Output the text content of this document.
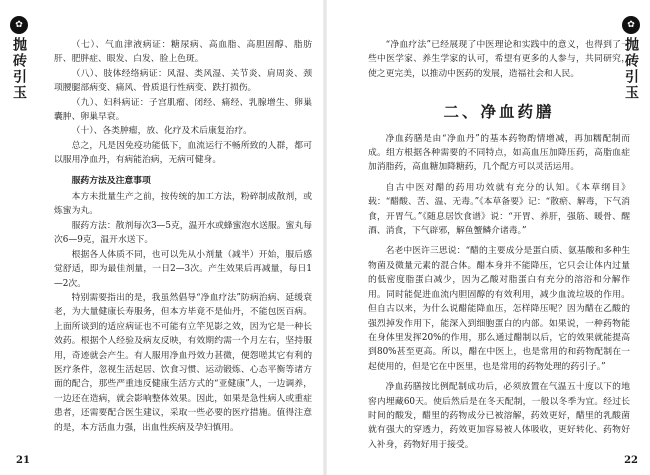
✿
抛砖引玉	（七）、气血津液病证：糖尿病、高血脂、高胆固醇、脂肪肝、肥胖症、眼发、白发、脸上色斑。

（八）、肢体经络病证：风湿、类风湿、关节炎、肩周炎、颈项腰腿部病变、痛风、骨质退行性病变、跌打损伤。

（九）、妇科病证：子宫肌瘤、闭经、痛经、乳腺增生、卵巢囊肿、卵巢早衰。

（十）、各类肿瘤，放、化疗及术后康复治疗。

总之，凡是因免疫功能低下，血流运行不畅所致的人群，都可以服用净血丹，有病能治病，无病可健身。

服药方法及注意事项

本方未批量生产之前，按传统的加工方法，粉碎制成散剂，或炼蜜为丸。

服药方法：散剂每次3—5克，温开水或蜂蜜泡水送服。蜜丸每次6—9克，温开水送下。

根据各人体质不同，也可以先从小剂量（减半）开始，服后感觉舒适，即为最佳剂量，一日2—3次。产生效果后再减量，每日1—2次。

特别需要指出的是，我虽然倡导“净血疗法”防病治病、延缓衰老，为大量健康长寿服务，但本方毕竟不是仙丹，不能包医百病。上面所谈到的适应病证也不可能有立竿见影之效，因为它是一种长效药。根据个人经验及病友反映，有效期约需一个月左右，坚持服用，奇迹就会产生。有人服用净血丹效力甚微，便怨嗟其它有利的医疗条件，忽视生活起居、饮食习惯、运动锻炼、心态平衡等诸方面的配合，那些严重违反健康生活方式的“亚健康”人，一边调养，一边还在造病，就会影响整体效果。因此，如果是急性病人或重症患者，还需要配合医生建议，采取一些必要的医疗措施。值得注意的是，本方活血力强，出血性疾病及孕妇慎用。

21
✿
抛砖引玉

“净血疗法”已经展现了中医理论和实践中的意义，也得到了一些中医学家、养生学家的认可，希望有更多的人参与，共同研究，使之更完美，以推动中医药的发展，造福社会和人民。

二、净血药膳

净血药膳是由“净血丹”的基本药物酌情增减，再加糯配制而成。组方根据各种需要的不同特点，如高血压加降压药，高脂血症加消脂药，高血糖加降糖药，几个配方可以灵活运用。

自古中医对醋的药用功效就有充分的认知。《本草纲目》载：“醋酸、苦、温、无毒。”《本草备要》记：“散瘀、解毒，下气消食，开胃气。”《随息居饮食谱》说：“开胃、养肝，强筋、暖骨、醒酒、消食，下气辟邪，解鱼蟹鳞介诸毒。”

名老中医许三思说：“醋的主要成分是蛋白质、氨基酸和多种生物菌及微量元素的混合体。醋本身并不能降压，它只会让体内过量的低密度脂蛋白减少，因为乙酸对脂蛋白有充分的溶浴和分解作用。同时能促进血流内胆固醇的有效利用，减少血流垃圾的作用。但自古以来，为什么说醋能降血压，怎样降压呢？因为醋在乙酸的强烈掉发作用下，能深入到细胞蛋白的内部。如果说，一种药物能在身体里发挥20%的作用，那么通过醋制以后，它的效果就能提高到80%甚至更高。所以，醋在中医上，也是常用的和药物配制在一起使用的，但是它在中医里，也是常用的药物处理的药引子。”

净血药膳按比例配制成功后，必须放置在气温五十度以下的地窖内埋藏60天。使后然后是在冬天配制，一般以冬季为宜。经过长时间的酸发，醋里的药物成分已被溶解，药效更好，醋里的乳酸菌就有强大的穿透力，药效更加容易被人体吸收，更好转化、药物好入补身，药物好用于接受。

22
